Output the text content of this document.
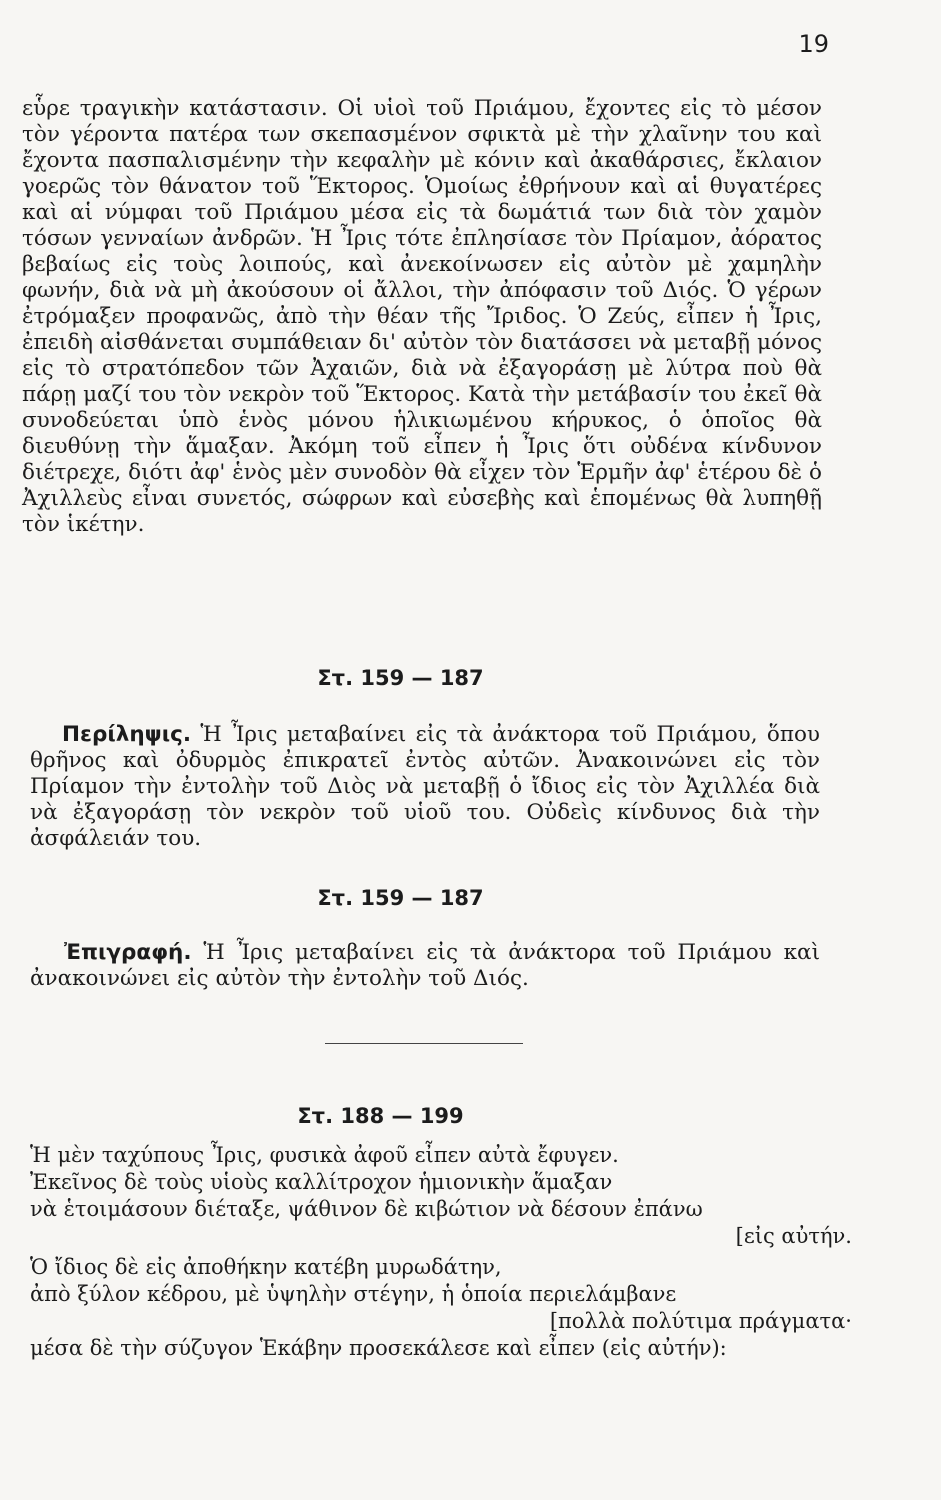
19

εὗρε τραγικὴν κατάστασιν. Οἱ υἱοὶ τοῦ Πριάμου, ἔχοντες εἰς τὸ μέσον τὸν γέροντα πατέρα των σκεπασμένον σφικτὰ μὲ τὴν χλαῖνην του καὶ ἔχοντα πασπαλισμένην τὴν κεφαλὴν μὲ κόνιν καὶ ἀκαθάρσιες, ἔκλαιον γοερῶς τὸν θάνατον τοῦ Ἕκτορος. Ὁμοίως ἐθρήνουν καὶ αἱ θυγατέρες καὶ αἱ νύμφαι τοῦ Πριάμου μέσα εἰς τὰ δωμάτιά των διὰ τὸν χαμὸν τόσων γενναίων ἀνδρῶν. Ἡ Ἶρις τότε ἐπλησίασε τὸν Πρίαμον, ἀόρατος βεβαίως εἰς τοὺς λοιπούς, καὶ ἀνεκοίνωσεν εἰς αὐτὸν μὲ χαμηλὴν φωνήν, διὰ νὰ μὴ ἀκούσουν οἱ ἄλλοι, τὴν ἀπόφασιν τοῦ Διός. Ὁ γέρων ἐτρόμαξεν προφανῶς, ἀπὸ τὴν θέαν τῆς Ἴριδος. Ὁ Ζεύς, εἶπεν ἡ Ἶρις, ἐπειδὴ αἰσθάνεται συμπάθειαν δι' αὐτὸν τὸν διατάσσει νὰ μεταβῇ μόνος εἰς τὸ στρατόπεδον τῶν Ἀχαιῶν, διὰ νὰ ἐξαγοράσῃ μὲ λύτρα ποὺ θὰ πάρῃ μαζί του τὸν νεκρὸν τοῦ Ἕκτορος. Κατὰ τὴν μετάβασίν του ἐκεῖ θὰ συνοδεύεται ὑπὸ ἑνὸς μόνου ἡλικιωμένου κήρυκος, ὁ ὁποῖος θὰ διευθύνῃ τὴν ἅμαξαν. Ἀκόμη τοῦ εἶπεν ἡ Ἶρις ὅτι οὐδένα κίνδυνον διέτρεχε, διότι ἀφ' ἑνὸς μὲν συνοδὸν θὰ εἶχεν τὸν Ἑρμῆν ἀφ' ἑτέρου δὲ ὁ Ἀχιλλεὺς εἶναι συνετός, σώφρων καὶ εὐσεβὴς καὶ ἑπομένως θὰ λυπηθῇ τὸν ἱκέτην.

Στ. 159 — 187

Περίληψις. Ἡ Ἶρις μεταβαίνει εἰς τὰ ἀνάκτορα τοῦ Πριάμου, ὅπου θρῆνος καὶ ὀδυρμὸς ἐπικρατεῖ ἐντὸς αὐτῶν. Ἀνακοινώνει εἰς τὸν Πρίαμον τὴν ἐντολὴν τοῦ Διὸς νὰ μεταβῇ ὁ ἴδιος εἰς τὸν Ἀχιλλέα διὰ νὰ ἐξαγοράσῃ τὸν νεκρὸν τοῦ υἱοῦ του. Οὐδεὶς κίνδυνος διὰ τὴν ἀσφάλειάν του.

Στ. 159 — 187

Ἐπιγραφή. Ἡ Ἶρις μεταβαίνει εἰς τὰ ἀνάκτορα τοῦ Πριάμου καὶ ἀνακοινώνει εἰς αὐτὸν τὴν ἐντολὴν τοῦ Διός.

Στ. 188 — 199
Ἡ μὲν ταχύπους Ἶρις, φυσικὰ ἀφοῦ εἶπεν αὐτὰ ἔφυγεν.
Ἐκεῖνος δὲ τοὺς υἱοὺς καλλίτροχον ἡμιονικὴν ἅμαξαν
νὰ ἑτοιμάσουν διέταξε, ψάθινον δὲ κιβώτιον νὰ δέσουν ἐπάνω
[εἰς αὐτήν.
Ὁ ἴδιος δὲ εἰς ἀποθήκην κατέβη μυρωδάτην,
ἀπὸ ξύλον κέδρου, μὲ ὑψηλὴν στέγην, ἡ ὁποία περιελάμβανε
[πολλὰ πολύτιμα πράγματα·
μέσα δὲ τὴν σύζυγον Ἑκάβην προσεκάλεσε καὶ εἶπεν (εἰς αὐτήν):
